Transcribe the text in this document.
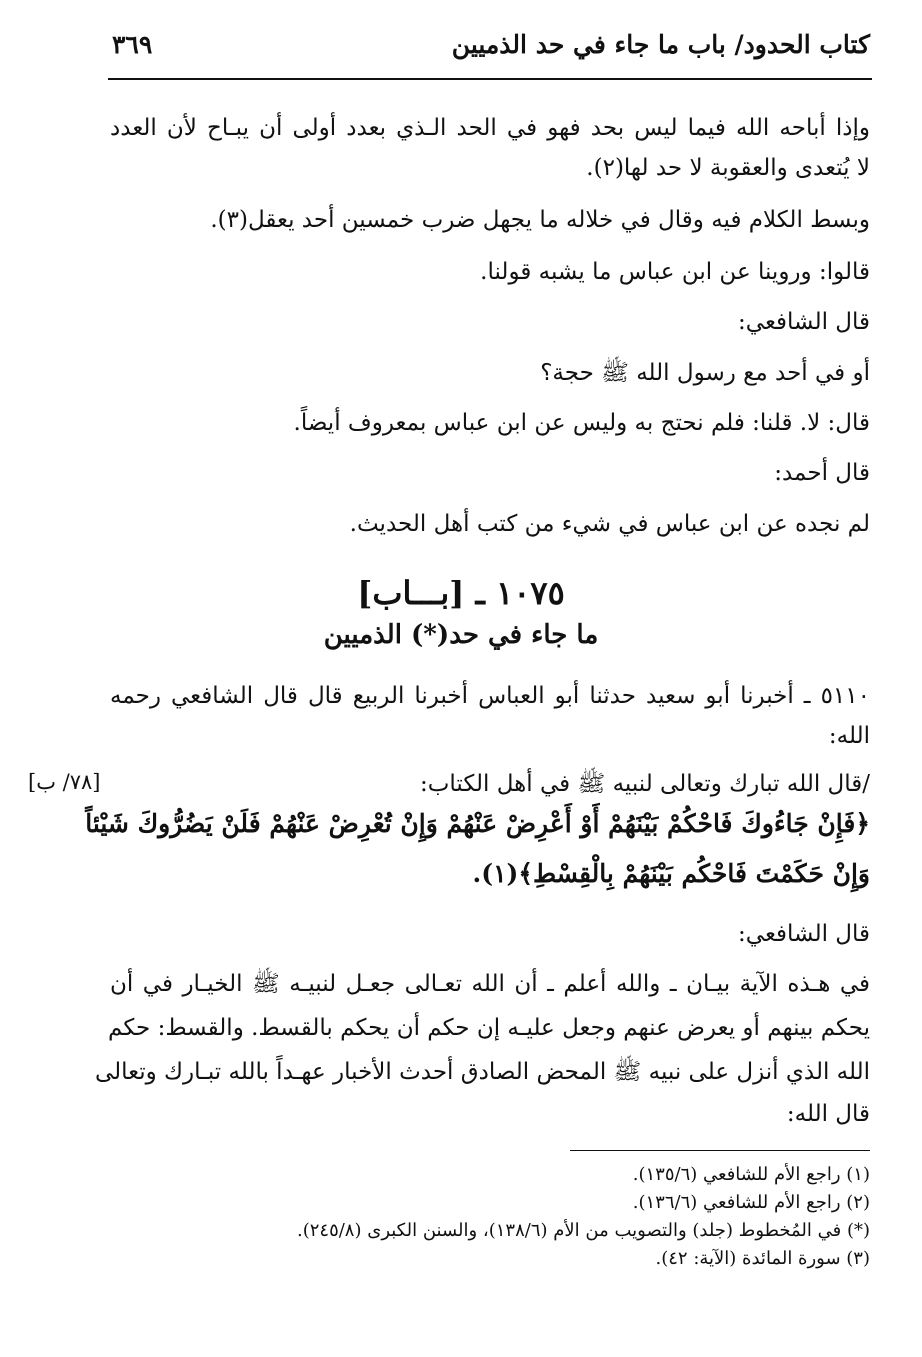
كتاب الحدود/ باب ما جاء في حد الذميين
٣٦٩
وإذا أباحه الله فيما ليس بحد فهو في الحد الـذي بعدد أولى أن يبـاح لأن العدد
لا يُتعدى والعقوبة لا حد لها(٢).
وبسط الكلام فيه وقال في خلاله ما يجهل ضرب خمسين أحد يعقل(٣).
قالوا: وروينا عن ابن عباس ما يشبه قولنا.
قال الشافعي:
أو في أحد مع رسول الله ﷺ حجة؟
قال: لا. قلنا: فلم نحتج به وليس عن ابن عباس بمعروف أيضاً.
قال أحمد:
لم نجده عن ابن عباس في شيء من كتب أهل الحديث.
١٠٧٥ ـ [بـــاب]
ما جاء في حد(*) الذميين
٥١١٠ ـ أخبرنا أبو سعيد حدثنا أبو العباس أخبرنا الربيع قال قال الشافعي رحمه
الله:
/قال الله تبارك وتعالى لنبيه ﷺ في أهل الكتاب:
[٧٨/ ب]
﴿فَإِنْ جَاءُوكَ فَاحْكُمْ بَيْنَهُمْ أَوْ أَعْرِضْ عَنْهُمْ وَإِنْ تُعْرِضْ عَنْهُمْ فَلَنْ يَضُرُّوكَ شَيْئاً
وَإِنْ حَكَمْتَ فَاحْكُم بَيْنَهُمْ بِالْقِسْطِ﴾(١).
قال الشافعي:
في هـذه الآية بيـان ـ والله أعلم ـ أن الله تعـالى جعـل لنبيـه ﷺ الخيـار في أن
يحكم بينهم أو يعرض عنهم وجعل عليـه إن حكم أن يحكم بالقسط. والقسط: حكم
الله الذي أنزل على نبيه ﷺ المحض الصادق أحدث الأخبار عهـداً بالله تبـارك وتعالى
قال الله:
(١) راجع الأم للشافعي (١٣٥/٦).
(٢) راجع الأم للشافعي (١٣٦/٦).
(*) في المُخطوط (جلد) والتصويب من الأم (١٣٨/٦)، والسنن الكبرى (٢٤٥/٨).
(٣) سورة المائدة (الآية: ٤٢).
